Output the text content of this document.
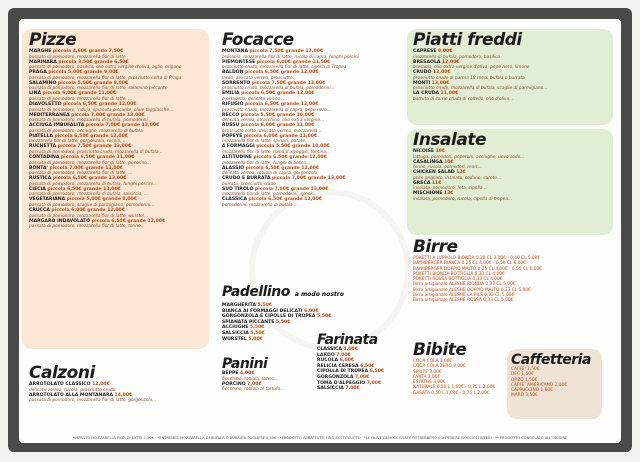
Pizze
MARGHE piccola 4,60€ grande 7,50€
passata di pomodoro, mozzarella fior di latte
MARINARA piccola 3,50€ grande 6,50€
passata di pomodoro, basilico, olio extra vergine d'oliva, aglio, origano
PRAGA piccola 5,00€ grande 9,00€
passata di pomodoro, mozzarella fior di latte, prosciutto cotto di Praga
SALAMINO piccola 5,00€ grande 9,00€
passata di pomodoro, mozzarella fior di latte, salamino piccante
LINA piccola 6,00€ grande 11,00€
passata di pomodoro, mozzarella fior di latte, ...
DIAVOLETTO piccola 6,50€ grande 12,00€
passata di pomodoro, 'nduja, spianata piccante, olive taggiasche...
MEDITERRANEA piccola 7,00€ grande 13,00€
passata di pomodoro, mozzarella di bufala, pomodorini...
ACCIUGA IMBUFALITA piccola 7,00€ grande 13,00€
passata di pomodoro, acciughe, mozzarella di bufala
PIATELLA piccola 6,50€ grande 12,00€
mozzarella fior di latte, gorgonzola, rucola, ...
RUCHETTA piccola 7,50€ grande 13,00€
passata di pomodoro, prosciutto crudo, mozzarella di bufala...
CONTADINA piccola 6,50€ grande 11,00€
passata di pomodoro, mozzarella fior di latte, pecorino...
BONTA' piccola 7,00€ grande 13,00€
passata di pomodoro, mozzarella fior di latte, ...
RUSTICA piccola 6,50€ grande 13,00€
passata di pomodoro, mozzarella di bufala, funghi porcini...
CIECIA piccola 6,50€ grande 13,00€
passata di pomodoro, mozzarella di bufala, salsiccia, ...
VEGETARIANA piccola 5,00€ grande 8,00€
passata di pomodoro, scaglie di parmigiano, pomodorini...
CRUCCA piccola 6,00€ grande 12,00€
passata di pomodoro, mozzarella fior di latte, wurstel...
MARGARO INDAVOLATO piccola 6,50€ grande 12,00€
passata di pomodoro, mozzarella fior di latte, tonno...
Calzoni
ARROTOLATO CLASSICO 12,00€
delicata verrea, rucola, prosciutto crudo
ARROTOLATO ALLA MONTANARA 14,00€
passata di pomodoro, mozzarella fior di latte, gorgonzola...
Focacce
MONTANA piccola 7,50€ grande 13,00€
bresaola, mozzarella fior di latte, rucola di capra, funghi porcini
PIEMONTESE piccola 6,00€ grande 11,50€
prosciutto crudo, mozzarella fior di latte, cipolla di Tropea
BALDON piccola 6,50€ grande 12,00€
lardo, delicata verrea, prosciutto...
SORRENTO piccola 7,50€ grande 13,00€
prosciutto crudo, mozzarella di bufala, pomodorini...
EMILIA piccola 6,50€ grande 12,00€
mortadella, delicata verrea, ...
RIFUGIO piccola 6,50€ grande 12,00€
prosciutto crudo, mozzarella di capra, pepe nero...
RECCO piccola 5,50€ grande 10,00€
delicata verrea, stracchino, olio extra vergine...
RUSSU piccola 6,00€ grande 11,00€
prosciutto cotto, delicata verrea, mozzarella...
POPEYE piccola 6,00€ grande 11,00€
mozzarella fior di latte, spinaci, patate...
4 FORMAGGI piccola 5,50€ grande 10,00€
mozzarella fior di latte, toma d'alpeggio, fontina...
ALTITUDINE piccola 6,50€ grande 12,00€
mozzarella fior di latte, funghi di bosco...
ALASSIO piccola 6,50€ grande 12,00€
delicata verrea, robiola di capra, gorgonzola
CRUDO E BURRATA piccola 7,00€ grande 13,00€
burrata, prosciutto crudo
SUD TIROLO piccola 7,00€ grande 13,00€
mozzarella fior di latte, pomodorini, speck...
CLASSICA piccola 6,50€ grande 12,00€
pomodorini, mozzarella di bufala...
Padellino a modo nostro
MARGHERITA 5,50€
BIANCA AI FORMAGGI DELICATI 6,00€
GORGONZOLA E CIPOLLE DI TROPEA 5,50€
SPIANATA PICCANTE 5,50€
ACCIUGHE 5,50€
SALSICCIA 5,50€
WURSTEL 5,00€
Panini
BEPPE 4,00€
fiocchino, robiola, tonno...
PORCINO 7,00€
fiocchino, robiola al tartufo...
Farinata
CLASSICA 4,00€
LARDO 7,00€
RUCOLA 6,00€
RELICIA CERESA 6,50€
CIPOLLA DI TROPEA 6,50€
GORGONZOLA 7,00€
TOMA D'ALPEGGIO 7,00€
SALSICCIA 7,00€
Piatti freddi
CAPRESE 9,00€
mozzarella di bufala, pomodoro, basilico
BRESAOLA 12,00€
bresaola, olio extra vergine d'oliva, pepe nero, limone
CRUDO 13,00€
prosciutto crudo di parma 18 mesi, bufala o burrata
MONTI 13,00€
prosciutto crudo, mozzarella di bufala, scaglie di parmigiano...
LA CRUDA 11,00€
battuta di carne cruda di coltello, olio d'oliva...
Insalate
NICOISE 10€
lattuga, pomodori, peperoni, acciughe, uovo sodo...
CASALINGA 10€
tonno, rucola, pomodori, mais...
CHICKEN SALAD 12€
pollo grigliato, insalata, sedano, carote...
GRECA 11€
insalata, pomodoro, feta, cipolla...
MISCHIONE 13€
insalata, pomodoro, rucola, cipolla di tropea...
Birre
POKETTI A LUPPOLO BIONDA 0,20 CL 3,00€ - 0,40 CL 5,00€
BAYMBERGER BIANCA 0,25 CL 4,00€ - 0,50 CL 6,00€
BAYMBERGER DOPPIO MALTO 0,25 CL 4,00€ - 0,50 CL 6,00€
POKETTI BIONDA BOTTIGLIA 0,33 CL 4,00€
POKETTI ROSSA BOTTIGLIA 0,33 CL 4,00€
Birra artigianale ALESHE BIONDA 0,33 CL 5,00€
Birra artigianale ALESHE DOPPIO MALTO 0,33 CL 5,00€
Birra artigianale ALESHE LA PILS 0,33 CL 5,00€
Birra artigianale ALESHE ROSSA 0,33 CL 5,00€
Bibite
COCA COLA 3,00€
COCA COLA ZERO 3,00€
SPRITE 3,00€
FANTA 3,00€
ESTATHE 3,00€
NATURALE 0,50 L 1,00€ - 0,75 L 2,00€
GASATA 0,50 L 1,00€ - 0,75 L 2,00€
Caffetteria
CAFFE' 1,50€
DEC 1,50€
ORZO 1,50€
CAFFE' AMERICANO 2,00€
CAPPUCCINO 1,80€
MARO 3,50€
*IMPASTO MOZZARELLA FIOR DI LATTE 1,50€ · *ENTREMEZ MOZZARELLA DI BUFALA O BURRATA PUGLIESE 2,50€ · *PRODOTTO ABBATTUTO FINO SOTTOVUOTO · *LE OLIVE DENOCCIOLATE POTREBBERO CONTENERE NOCCIOLI INTERI · ** PRODOTTO CONGELATO ALL'ORIGINE
